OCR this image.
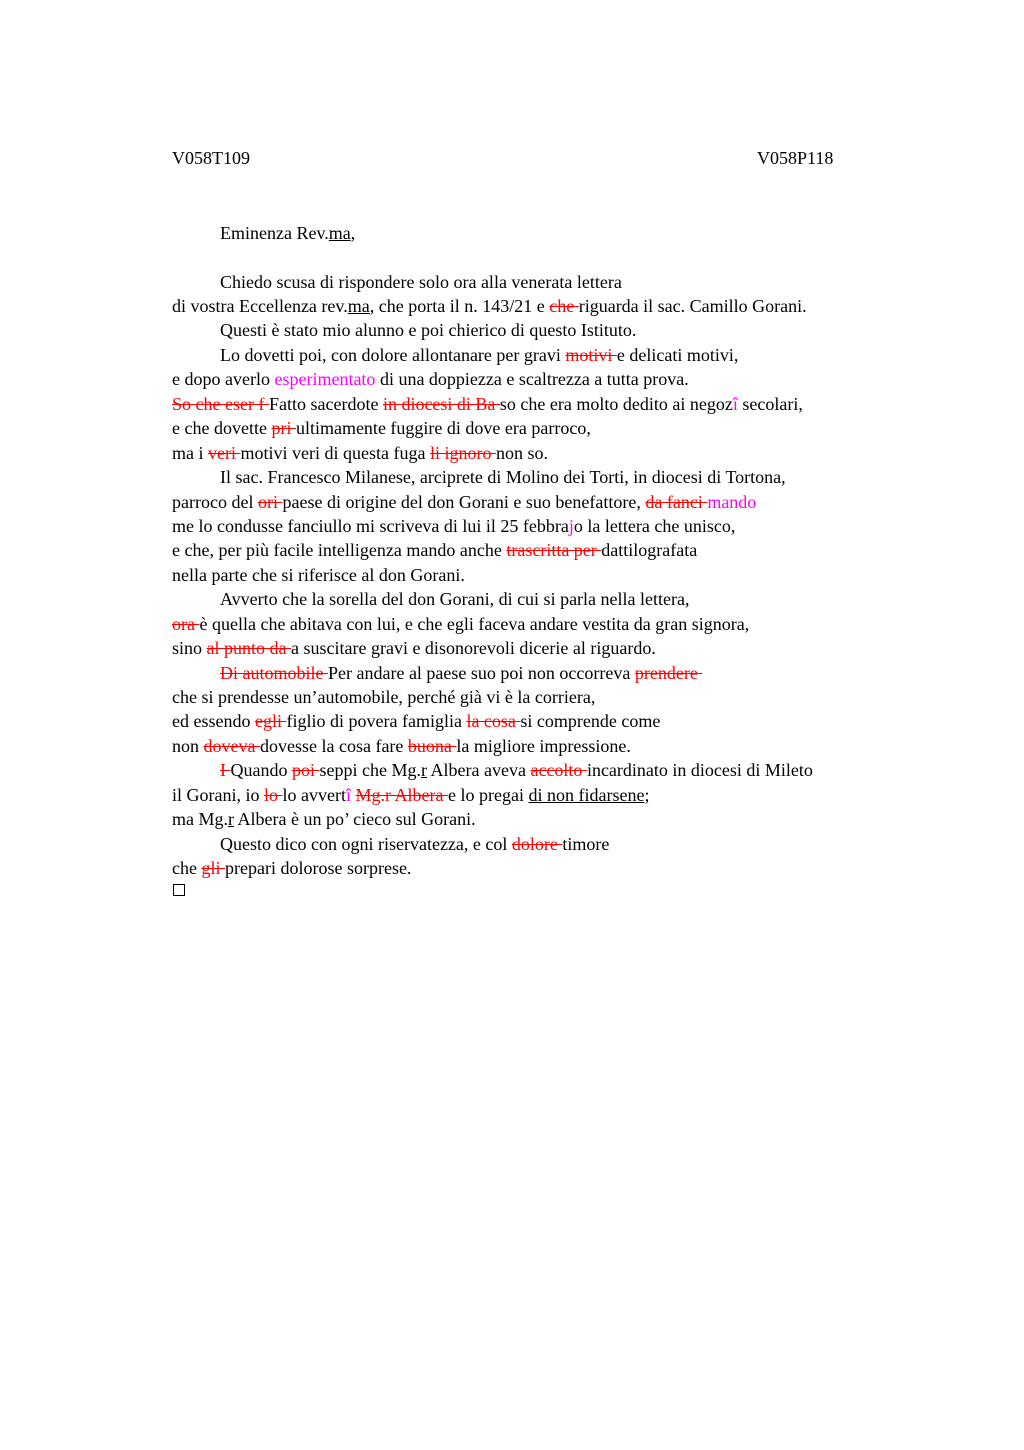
V058T109	V058P118
Eminenza Rev.ma,
Chiedo scusa di rispondere solo ora alla venerata lettera
di vostra Eccellenza rev.ma, che porta il n. 143/21 e che riguarda il sac. Camillo Gorani.
Questi è stato mio alunno e poi chierico di questo Istituto.
Lo dovetti poi, con dolore allontanare per gravi motivi e delicati motivi,
e dopo averlo esperimentato di una doppiezza e scaltrezza a tutta prova.
So che eser f Fatto sacerdote in diocesi di Ba so che era molto dedito ai negozî secolari,
e che dovette pri ultimamente fuggire di dove era parroco,
ma i veri motivi veri di questa fuga li ignoro non so.
Il sac. Francesco Milanese, arciprete di Molino dei Torti, in diocesi di Tortona,
parroco del ori paese di origine del don Gorani e suo benefattore, da fanci mando
me lo condusse fanciullo mi scriveva di lui il 25 febbrajo la lettera che unisco,
e che, per più facile intelligenza mando anche trascritta per dattilografata
nella parte che si riferisce al don Gorani.
Avverto che la sorella del don Gorani, di cui si parla nella lettera,
ora è quella che abitava con lui, e che egli faceva andare vestita da gran signora,
sino al punto da a suscitare gravi e disonorevoli dicerie al riguardo.
Di automobile Per andare al paese suo poi non occorreva prendere
che si prendesse un’automobile, perché già vi è la corriera,
ed essendo egli figlio di povera famiglia la cosa si comprende come
non doveva dovesse la cosa fare buona la migliore impressione.
I Quando poi seppi che Mg.r Albera aveva accolto incardinato in diocesi di Mileto
il Gorani, io lo lo avvertî Mg.r Albera e lo pregai di non fidarsene;
ma Mg.r Albera è un po’ cieco sul Gorani.
Questo dico con ogni riservatezza, e col dolore timore
che gli prepari dolorose sorprese.
